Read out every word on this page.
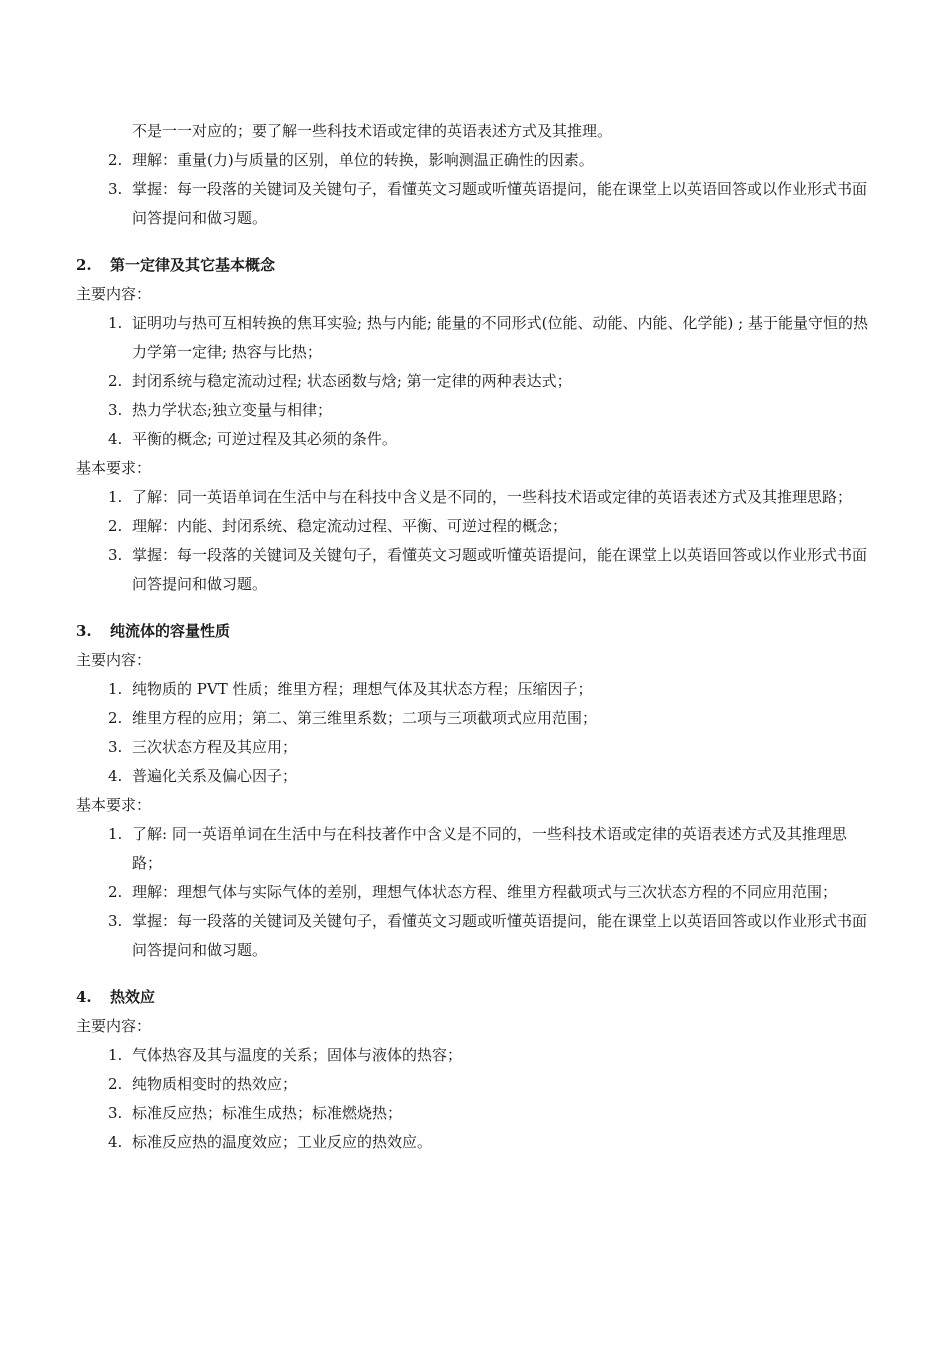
不是一一对应的；要了解一些科技术语或定律的英语表述方式及其推理。

2. 理解：重量(力)与质量的区别，单位的转换，影响测温正确性的因素。
3. 掌握：每一段落的关键词及关键句子，看懂英文习题或听懂英语提问，能在课堂上以英语回答或以作业形式书面问答提问和做习题。

2. 第一定律及其它基本概念

主要内容：

1. 证明功与热可互相转换的焦耳实验; 热与内能; 能量的不同形式(位能、动能、内能、化学能) ; 基于能量守恒的热力学第一定律; 热容与比热；
2. 封闭系统与稳定流动过程; 状态函数与焓; 第一定律的两种表达式；
3. 热力学状态;独立变量与相律；
4. 平衡的概念; 可逆过程及其必须的条件。

基本要求：

1. 了解：同一英语单词在生活中与在科技中含义是不同的，一些科技术语或定律的英语表述方式及其推理思路；
2. 理解：内能、封闭系统、稳定流动过程、平衡、可逆过程的概念；
3. 掌握：每一段落的关键词及关键句子，看懂英文习题或听懂英语提问，能在课堂上以英语回答或以作业形式书面问答提问和做习题。

3. 纯流体的容量性质

主要内容：

1. 纯物质的 PVT 性质；维里方程；理想气体及其状态方程；压缩因子；
2. 维里方程的应用；第二、第三维里系数；二项与三项截项式应用范围；
3. 三次状态方程及其应用；
4. 普遍化关系及偏心因子；

基本要求：

1. 了解: 同一英语单词在生活中与在科技著作中含义是不同的，一些科技术语或定律的英语表述方式及其推理思路；
2. 理解：理想气体与实际气体的差别，理想气体状态方程、维里方程截项式与三次状态方程的不同应用范围；
3. 掌握：每一段落的关键词及关键句子，看懂英文习题或听懂英语提问，能在课堂上以英语回答或以作业形式书面问答提问和做习题。

4. 热效应

主要内容：

1. 气体热容及其与温度的关系；固体与液体的热容；
2. 纯物质相变时的热效应；
3. 标准反应热；标准生成热；标准燃烧热；
4. 标准反应热的温度效应；工业反应的热效应。
